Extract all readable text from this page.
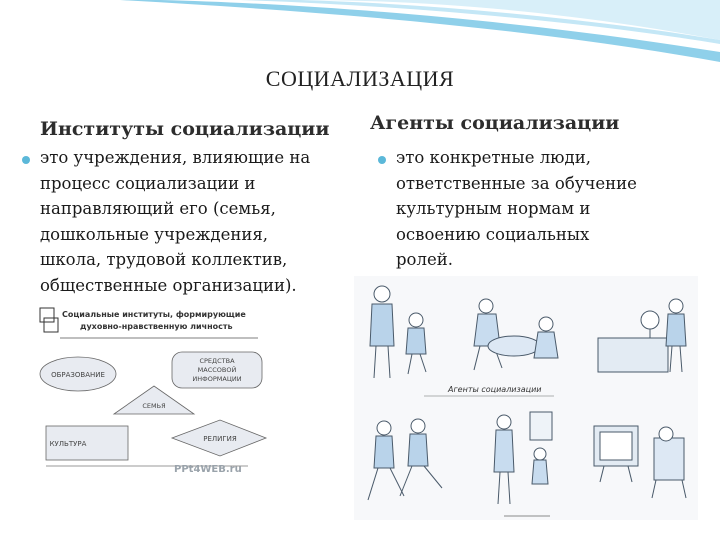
СОЦИАЛИЗАЦИЯ
Институты социализации
это учреждения, влияющие на
процесс социализации и
направляющий его (семья,
дошкольные учреждения,
школа, трудовой коллектив,
общественные организации).
Агенты социализации
это конкретные люди,
ответственные за обучение
культурным нормам и
освоению социальных
ролей.
Социальные институты, формирующие
духовно-нравственную личность
ОБРАЗОВАНИЕ
СРЕДСТВА
МАССОВОЙ
ИНФОРМАЦИИ
СЕМЬЯ
КУЛЬТУРА
РЕЛИГИЯ
PPt4WEB.ru
Агенты социализации
